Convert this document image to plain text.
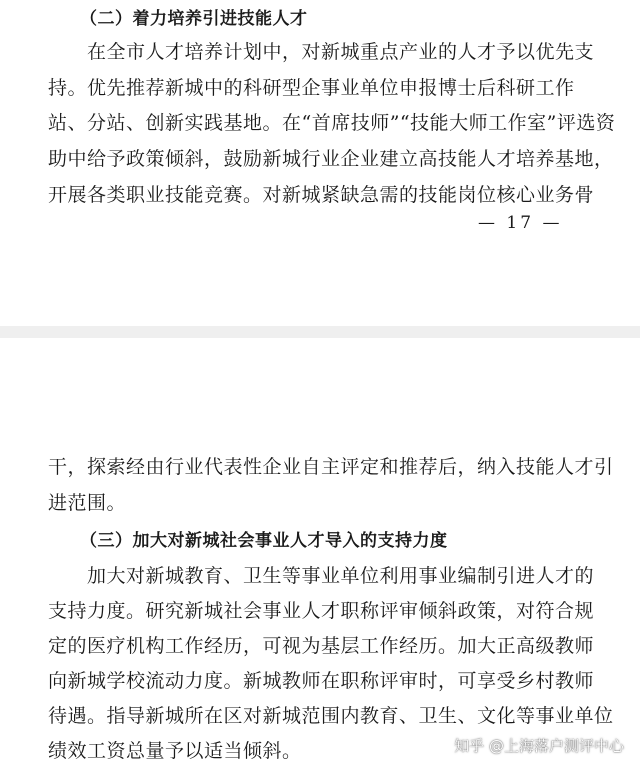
（二）着力培养引进技能人才
　　在全市人才培养计划中，对新城重点产业的人才予以优先支
持。优先推荐新城中的科研型企事业单位申报博士后科研工作
站、分站、创新实践基地。在“首席技师”“技能大师工作室”评选资
助中给予政策倾斜，鼓励新城行业企业建立高技能人才培养基地，
开展各类职业技能竞赛。对新城紧缺急需的技能岗位核心业务骨
— 17 —
干，探索经由行业代表性企业自主评定和推荐后，纳入技能人才引
进范围。
（三）加大对新城社会事业人才导入的支持力度
　　加大对新城教育、卫生等事业单位利用事业编制引进人才的
支持力度。研究新城社会事业人才职称评审倾斜政策，对符合规
定的医疗机构工作经历，可视为基层工作经历。加大正高级教师
向新城学校流动力度。新城教师在职称评审时，可享受乡村教师
待遇。指导新城所在区对新城范围内教育、卫生、文化等事业单位
绩效工资总量予以适当倾斜。	知乎 @上海落户测评中心
